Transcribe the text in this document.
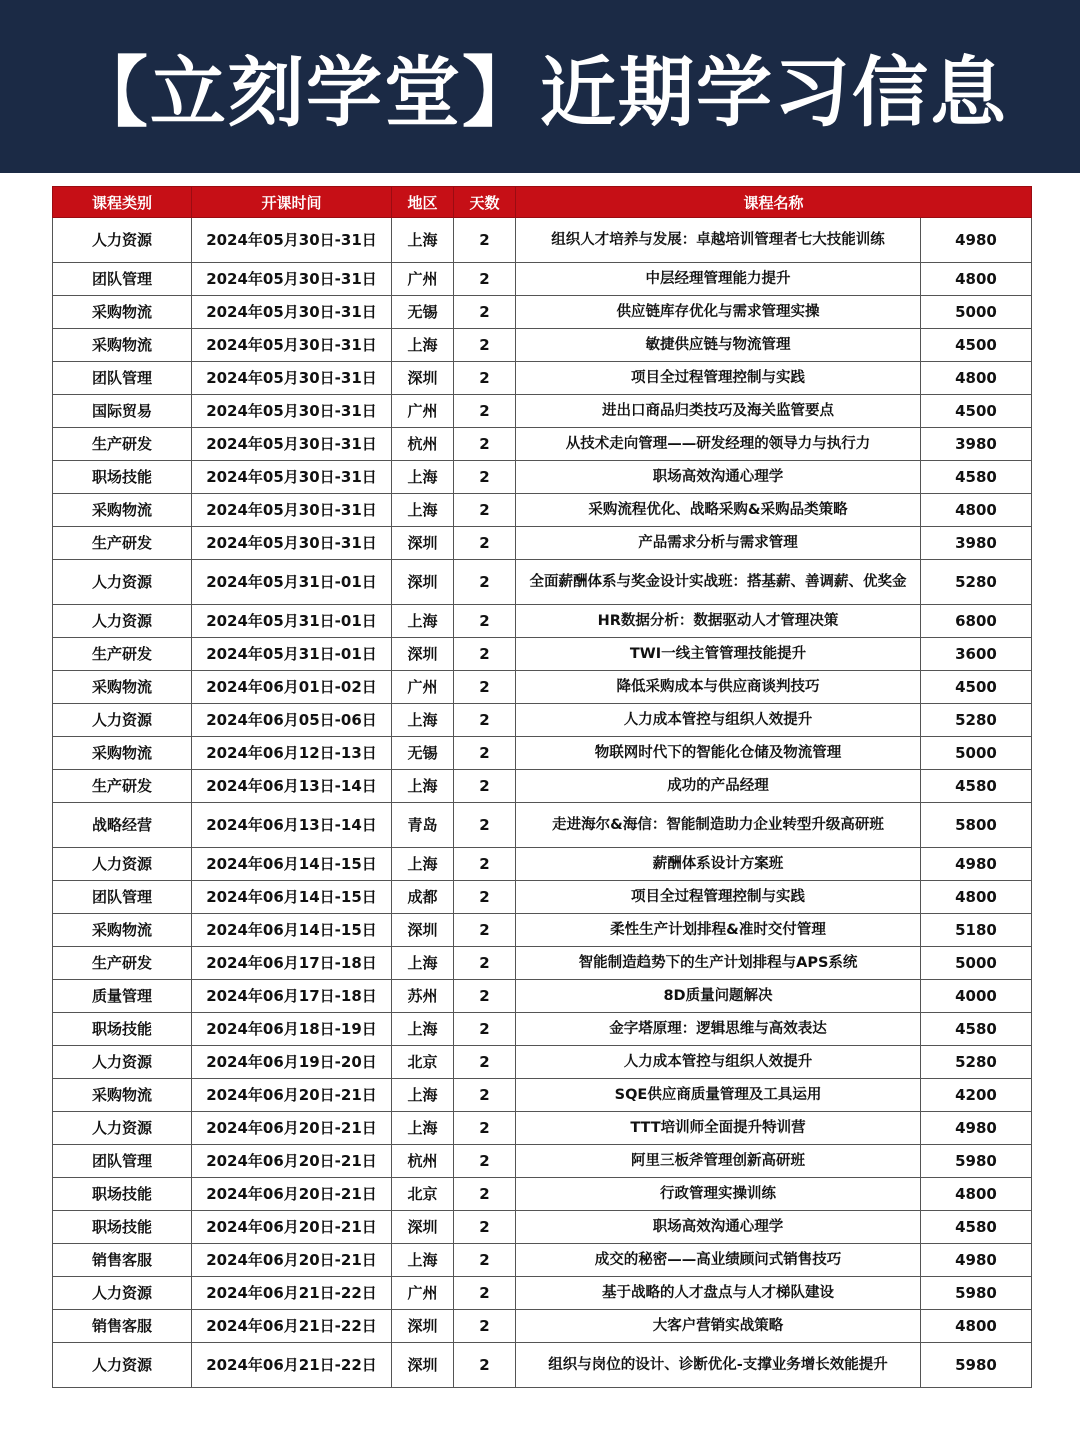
【立刻学堂】近期学习信息
课程类别	开课时间	地区	天数	课程名称	
人力资源	2024年05月30日-31日	上海	2	组织人才培养与发展：卓越培训管理者七大技能训练	4980
团队管理	2024年05月30日-31日	广州	2	中层经理管理能力提升	4800
采购物流	2024年05月30日-31日	无锡	2	供应链库存优化与需求管理实操	5000
采购物流	2024年05月30日-31日	上海	2	敏捷供应链与物流管理	4500
团队管理	2024年05月30日-31日	深圳	2	项目全过程管理控制与实践	4800
国际贸易	2024年05月30日-31日	广州	2	进出口商品归类技巧及海关监管要点	4500
生产研发	2024年05月30日-31日	杭州	2	从技术走向管理——研发经理的领导力与执行力	3980
职场技能	2024年05月30日-31日	上海	2	职场高效沟通心理学	4580
采购物流	2024年05月30日-31日	上海	2	采购流程优化、战略采购&采购品类策略	4800
生产研发	2024年05月30日-31日	深圳	2	产品需求分析与需求管理	3980
人力资源	2024年05月31日-01日	深圳	2	全面薪酬体系与奖金设计实战班：搭基薪、善调薪、优奖金	5280
人力资源	2024年05月31日-01日	上海	2	HR数据分析：数据驱动人才管理决策	6800
生产研发	2024年05月31日-01日	深圳	2	TWI一线主管管理技能提升	3600
采购物流	2024年06月01日-02日	广州	2	降低采购成本与供应商谈判技巧	4500
人力资源	2024年06月05日-06日	上海	2	人力成本管控与组织人效提升	5280
采购物流	2024年06月12日-13日	无锡	2	物联网时代下的智能化仓储及物流管理	5000
生产研发	2024年06月13日-14日	上海	2	成功的产品经理	4580
战略经营	2024年06月13日-14日	青岛	2	走进海尔&海信：智能制造助力企业转型升级高研班	5800
人力资源	2024年06月14日-15日	上海	2	薪酬体系设计方案班	4980
团队管理	2024年06月14日-15日	成都	2	项目全过程管理控制与实践	4800
采购物流	2024年06月14日-15日	深圳	2	柔性生产计划排程&准时交付管理	5180
生产研发	2024年06月17日-18日	上海	2	智能制造趋势下的生产计划排程与APS系统	5000
质量管理	2024年06月17日-18日	苏州	2	8D质量问题解决	4000
职场技能	2024年06月18日-19日	上海	2	金字塔原理：逻辑思维与高效表达	4580
人力资源	2024年06月19日-20日	北京	2	人力成本管控与组织人效提升	5280
采购物流	2024年06月20日-21日	上海	2	SQE供应商质量管理及工具运用	4200
人力资源	2024年06月20日-21日	上海	2	TTT培训师全面提升特训营	4980
团队管理	2024年06月20日-21日	杭州	2	阿里三板斧管理创新高研班	5980
职场技能	2024年06月20日-21日	北京	2	行政管理实操训练	4800
职场技能	2024年06月20日-21日	深圳	2	职场高效沟通心理学	4580
销售客服	2024年06月20日-21日	上海	2	成交的秘密——高业绩顾问式销售技巧	4980
人力资源	2024年06月21日-22日	广州	2	基于战略的人才盘点与人才梯队建设	5980
销售客服	2024年06月21日-22日	深圳	2	大客户营销实战策略	4800
人力资源	2024年06月21日-22日	深圳	2	组织与岗位的设计、诊断优化-支撑业务增长效能提升	5980
